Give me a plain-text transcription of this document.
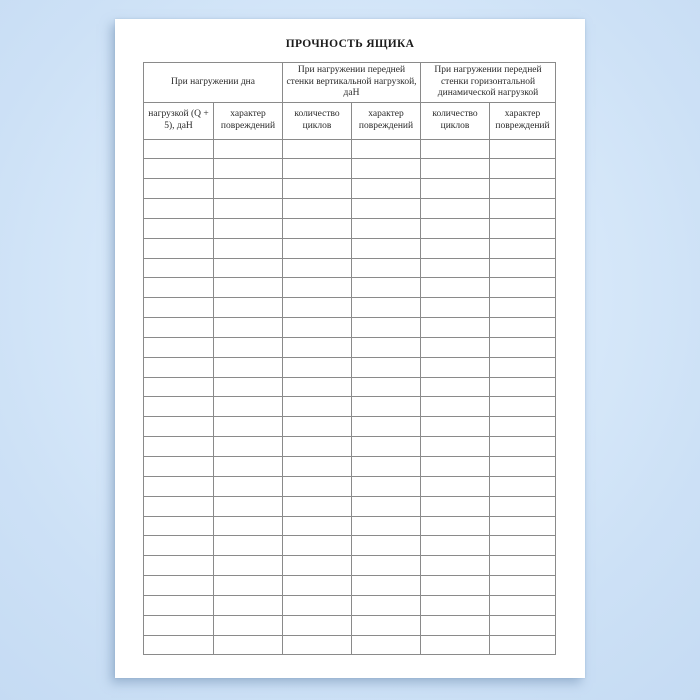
ПРОЧНОСТЬ ЯЩИКА
При нагружении дна		При нагружении передней стенки вертикальной нагрузкой, даН		При нагружении передней стенки горизонтальной динамической нагрузкой	
нагрузкой (Q + 5), даН	характер повреждений	количество циклов	характер повреждений	количество циклов	характер повреждений
